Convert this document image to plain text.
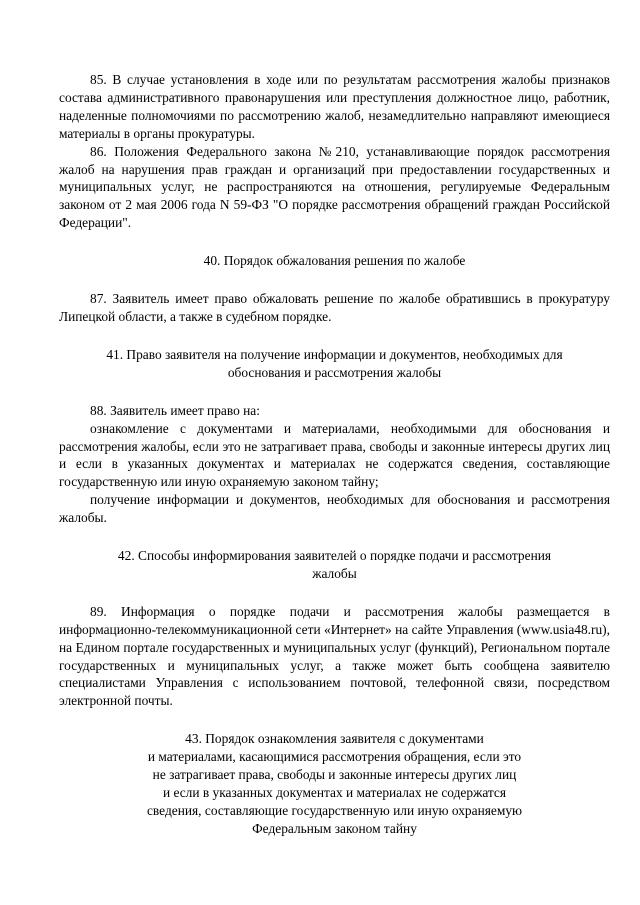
85. В случае установления в ходе или по результатам рассмотрения жалобы признаков состава административного правонарушения или преступления должностное лицо, работник, наделенные полномочиями по рассмотрению жалоб, незамедлительно направляют имеющиеся материалы в органы прокуратуры.

86. Положения Федерального закона №210, устанавливающие порядок рассмотрения жалоб на нарушения прав граждан и организаций при предоставлении государственных и муниципальных услуг, не распространяются на отношения, регулируемые Федеральным законом от 2 мая 2006 года N 59-ФЗ "О порядке рассмотрения обращений граждан Российской Федерации".

40. Порядок обжалования решения по жалобе

87. Заявитель имеет право обжаловать решение по жалобе обратившись в прокуратуру Липецкой области, а также в судебном порядке.

41. Право заявителя на получение информации и документов, необходимых для

обоснования и рассмотрения жалобы

88. Заявитель имеет право на:

ознакомление с документами и материалами, необходимыми для обоснования и рассмотрения жалобы, если это не затрагивает права, свободы и законные интересы других лиц и если в указанных документах и материалах не содержатся сведения, составляющие государственную или иную охраняемую законом тайну;

получение информации и документов, необходимых для обоснования и рассмотрения жалобы.

42. Способы информирования заявителей о порядке подачи и рассмотрения

жалобы

89. Информация о порядке подачи и рассмотрения жалобы размещается в информационно-телекоммуникационной сети «Интернет» на сайте Управления (www.usia48.ru), на Едином портале государственных и муниципальных услуг (функций), Региональном портале государственных и муниципальных услуг, а также может быть сообщена заявителю специалистами Управления с использованием почтовой, телефонной связи, посредством электронной почты.

43. Порядок ознакомления заявителя с документами

и материалами, касающимися рассмотрения обращения, если это

не затрагивает права, свободы и законные интересы других лиц

и если в указанных документах и материалах не содержатся

сведения, составляющие государственную или иную охраняемую

Федеральным законом тайну
